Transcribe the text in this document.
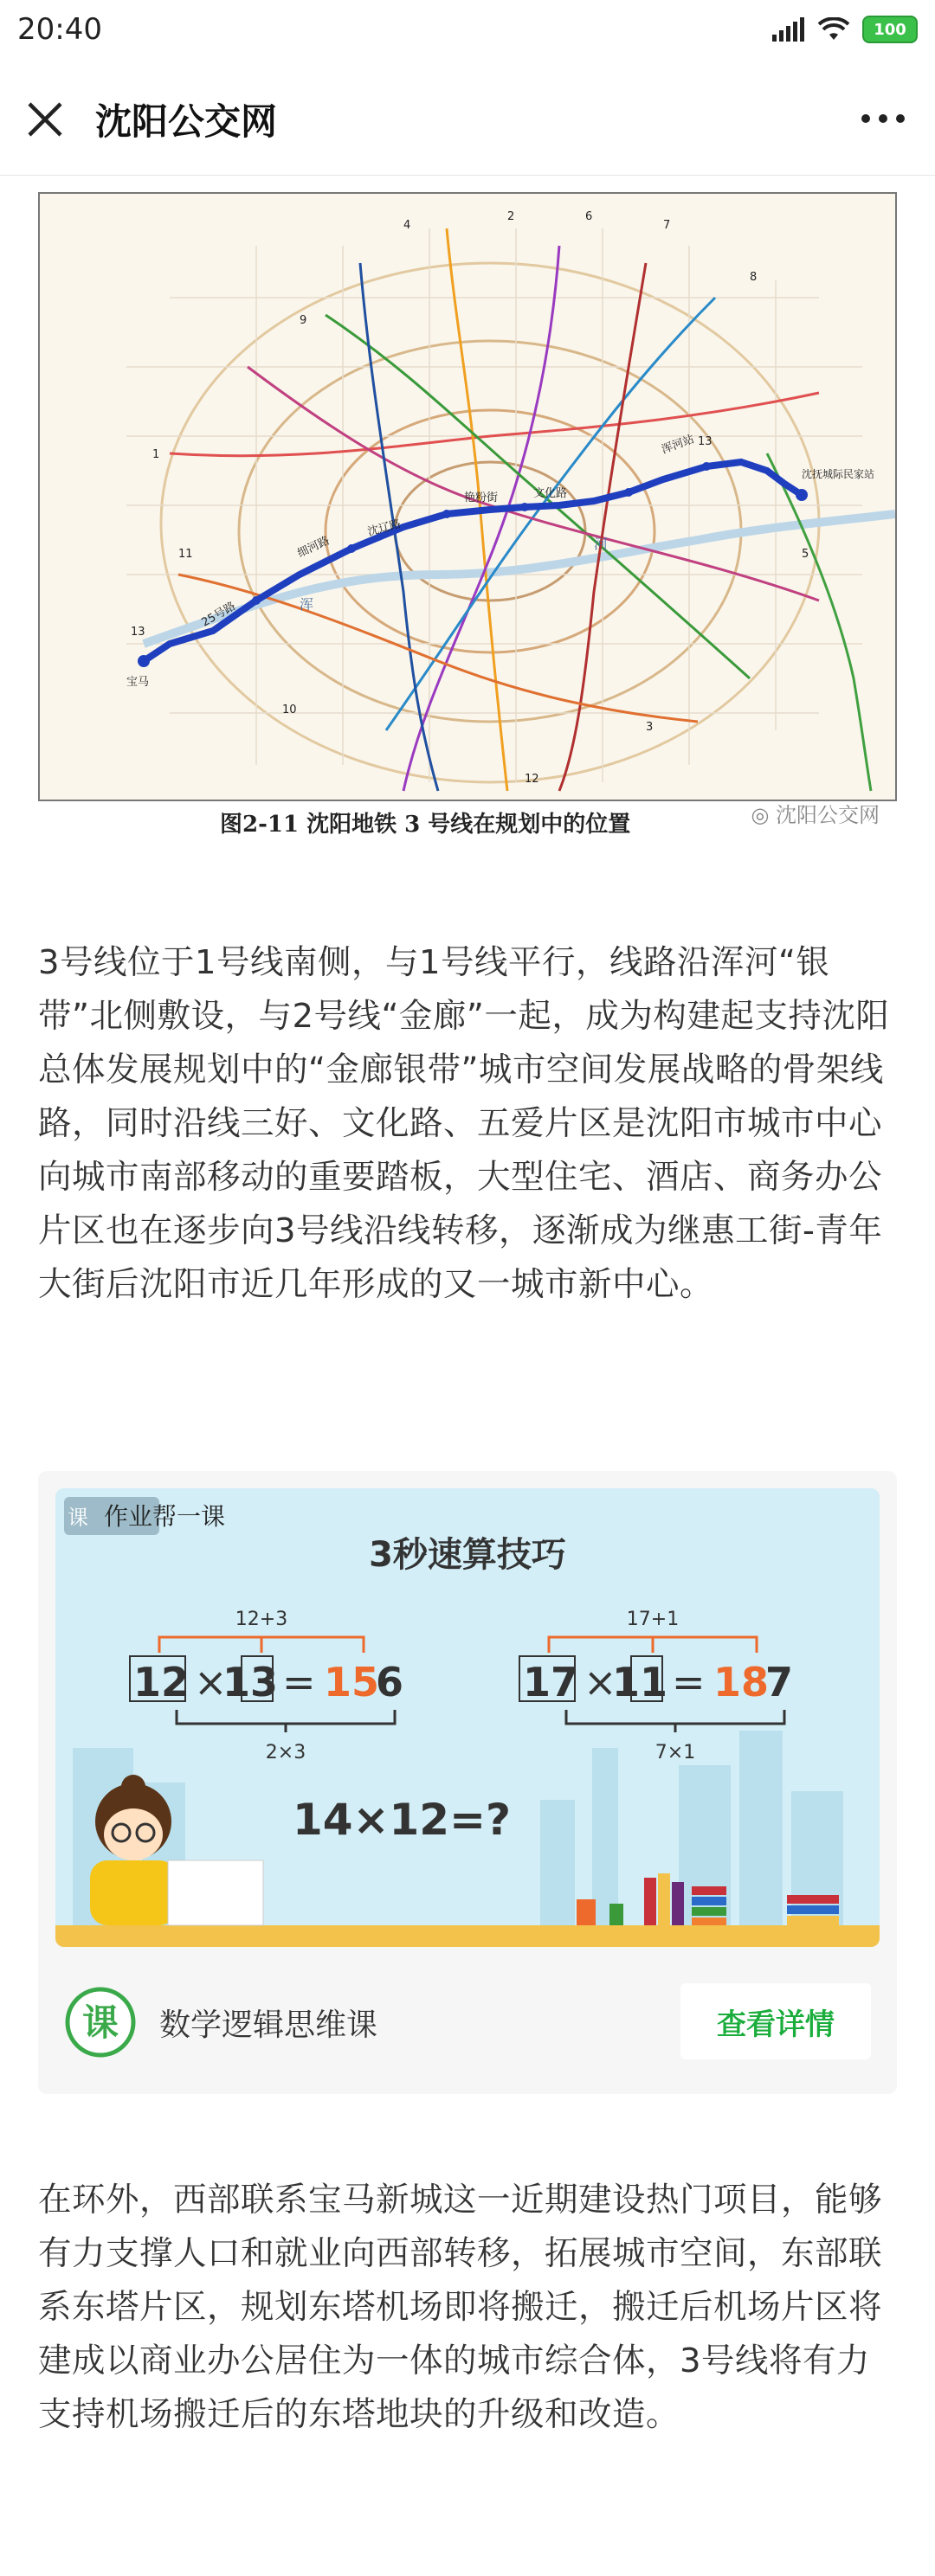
20:40	100
沈阳公交网
宝马
25号路
细河路
沈辽路
艳粉街	文化路
浑河站
沈抚城际民家站
浑
河
13
13
10
11
9
6
7
8
5
4
2
1
3
12
图2-11 沈阳地铁 3 号线在规划中的位置	◎ 沈阳公交网

3号线位于1号线南侧，与1号线平行，线路沿浑河“银带”北侧敷设，与2号线“金廊”一起，成为构建起支持沈阳总体发展规划中的“金廊银带”城市空间发展战略的骨架线路，同时沿线三好、文化路、五爱片区是沈阳市城市中心向城市南部移动的重要踏板，大型住宅、酒店、商务办公片区也在逐步向3号线沿线转移，逐渐成为继惠工街-青年大街后沈阳市近几年形成的又一城市新中心。

课 作业帮一课
3秒速算技巧
12+3
12 ×
13 = 15
6
2×3
17+1
17 ×
11 = 18
7
7×1
14×12=?
课 数学逻辑思维课	查看详情

在环外，西部联系宝马新城这一近期建设热门项目，能够有力支撑人口和就业向西部转移，拓展城市空间，东部联系东塔片区，规划东塔机场即将搬迁，搬迁后机场片区将建成以商业办公居住为一体的城市综合体，3号线将有力支持机场搬迁后的东塔地块的升级和改造。
